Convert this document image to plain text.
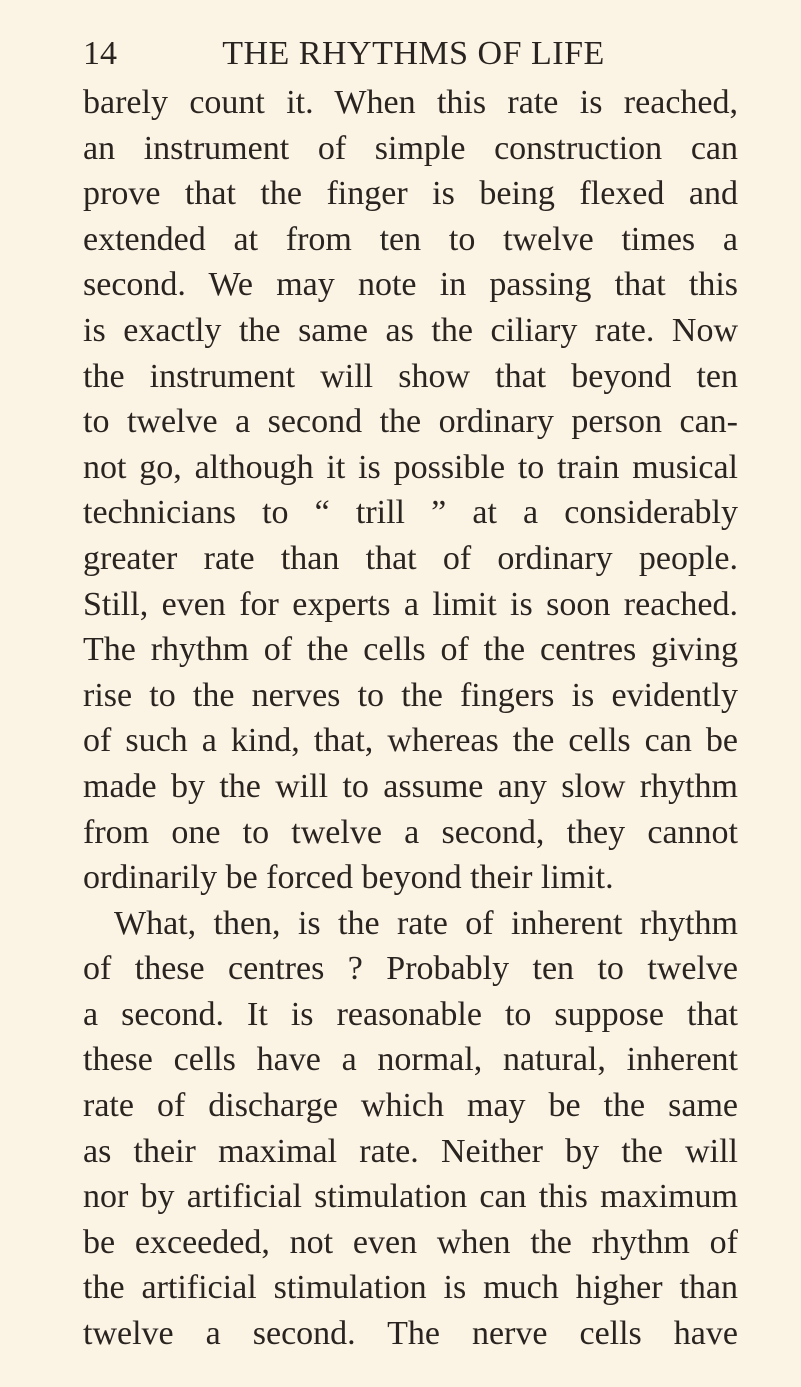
14	THE RHYTHMS OF LIFE
barely count it. When this rate is reached,
an instrument of simple construction can
prove that the finger is being flexed and
extended at from ten to twelve times a
second. We may note in passing that this
is exactly the same as the ciliary rate. Now
the instrument will show that beyond ten
to twelve a second the ordinary person can-
not go, although it is possible to train musical
technicians to “ trill ” at a considerably
greater rate than that of ordinary people.
Still, even for experts a limit is soon reached.
The rhythm of the cells of the centres giving
rise to the nerves to the fingers is evidently
of such a kind, that, whereas the cells can be
made by the will to assume any slow rhythm
from one to twelve a second, they cannot
ordinarily be forced beyond their limit.
What, then, is the rate of inherent rhythm
of these centres ? Probably ten to twelve
a second. It is reasonable to suppose that
these cells have a normal, natural, inherent
rate of discharge which may be the same
as their maximal rate. Neither by the will
nor by artificial stimulation can this maximum
be exceeded, not even when the rhythm of
the artificial stimulation is much higher than
twelve a second. The nerve cells have
